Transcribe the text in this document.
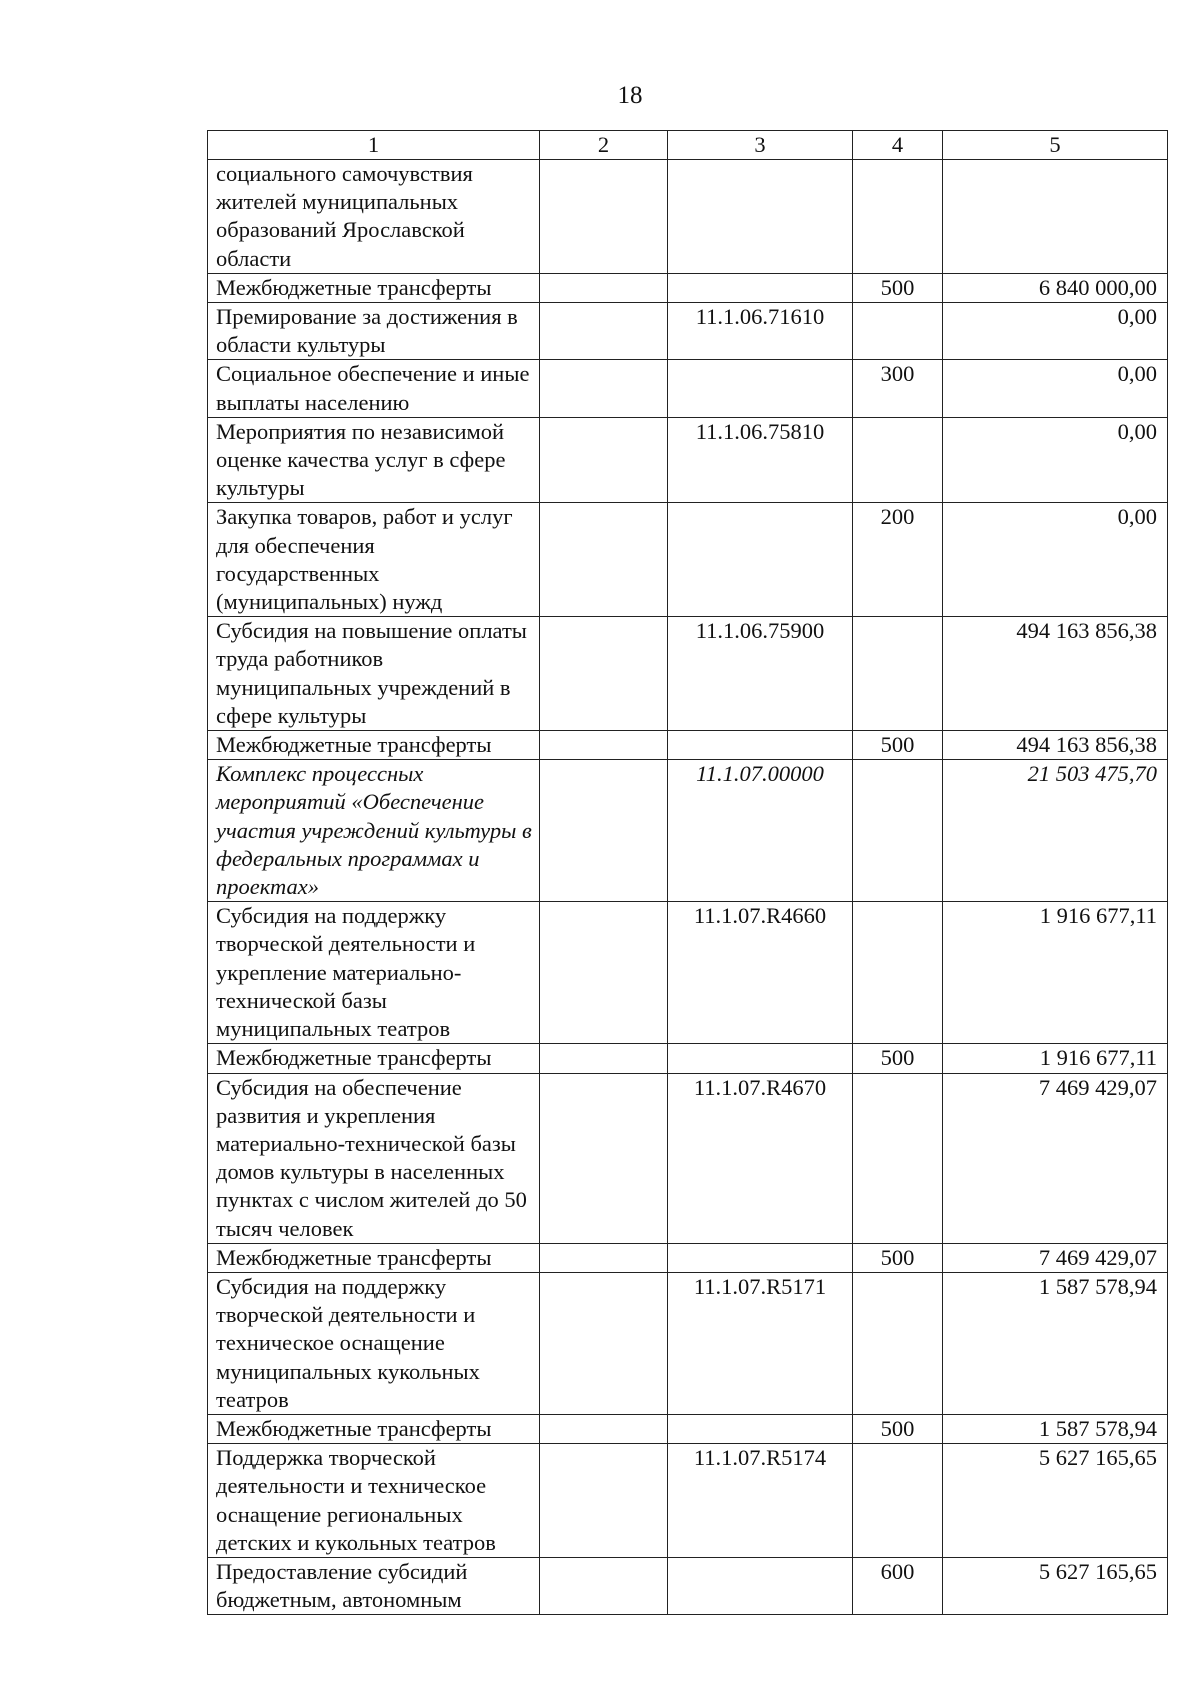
18
1	2	3	4	5
социального самочувствия жителей муниципальных образований Ярославской области				
Межбюджетные трансферты			500	6 840 000,00
Премирование за достижения в области культуры		11.1.06.71610		0,00
Социальное обеспечение и иные выплаты населению			300	0,00
Мероприятия по независимой оценке качества услуг в сфере культуры		11.1.06.75810		0,00
Закупка товаров, работ и услуг для обеспечения государственных (муниципальных) нужд			200	0,00
Субсидия на повышение оплаты труда работников муниципальных учреждений в сфере культуры		11.1.06.75900		494 163 856,38
Межбюджетные трансферты			500	494 163 856,38
Комплекс процессных мероприятий «Обеспечение участия учреждений культуры в федеральных программах и проектах»		11.1.07.00000		21 503 475,70
Субсидия на поддержку творческой деятельности и укрепление материально-технической базы муниципальных театров		11.1.07.R4660		1 916 677,11
Межбюджетные трансферты			500	1 916 677,11
Субсидия на обеспечение развития и укрепления материально-технической базы домов культуры в населенных пунктах с числом жителей до 50 тысяч человек		11.1.07.R4670		7 469 429,07
Межбюджетные трансферты			500	7 469 429,07
Субсидия на поддержку творческой деятельности и техническое оснащение муниципальных кукольных театров		11.1.07.R5171		1 587 578,94
Межбюджетные трансферты			500	1 587 578,94
Поддержка творческой деятельности и техническое оснащение региональных детских и кукольных театров		11.1.07.R5174		5 627 165,65
Предоставление субсидий бюджетным, автономным			600	5 627 165,65
